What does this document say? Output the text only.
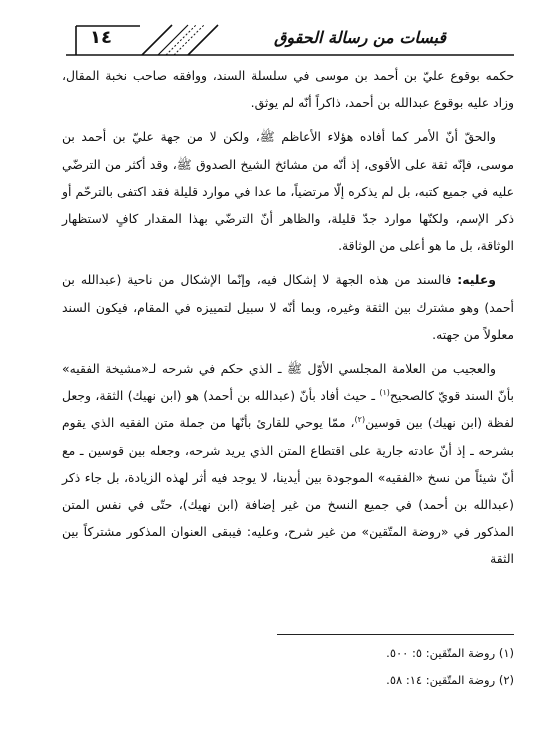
١٤	قبسات من رسالة الحقوق

حكمه بوقوع عليّ بن أحمد بن موسى في سلسلة السند، ووافقه صاحب نخبة المقال، وزاد عليه بوقوع عبدالله بن أحمد، ذاكراً أنّه لم يوثق.

والحقّ أنّ الأمر كما أفاده هؤلاء الأعاظم ﷺ، ولكن لا من جهة عليّ بن أحمد بن موسى، فإنّه ثقة على الأقوى، إذ أنّه من مشائخ الشيخ الصدوق ﷺ، وقد أكثر من الترضّي عليه في جميع كتبه، بل لم يذكره إلّا مرتضياً، ما عدا في موارد قليلة فقد اكتفى بالترحّم أو ذكر الإسم، ولكنّها موارد جدّ قليلة، والظاهر أنّ الترضّي بهذا المقدار كافٍ لاستظهار الوثاقة، بل ما هو أعلى من الوثاقة.

وعليه: فالسند من هذه الجهة لا إشكال فيه، وإنّما الإشكال من ناحية (عبدالله بن أحمد) وهو مشترك بين الثقة وغيره، وبما أنّه لا سبيل لتمييزه في المقام، فيكون السند معلولاً من جهته.

والعجيب من العلامة المجلسي الأوّل ﷺ ـ الذي حكم في شرحه لـ«مشيخة الفقيه» بأنّ السند قويّ كالصحيح$^{(١)}$ ـ حيث أفاد بأنّ (عبدالله بن أحمد) هو (ابن نهيك) الثقة، وجعل لفظة (ابن نهيك) بين قوسين$^{(٢)}$، ممّا يوحي للقارئ بأنّها من جملة متن الفقيه الذي يقوم بشرحه ـ إذ أنّ عادته جارية على اقتطاع المتن الذي يريد شرحه، وجعله بين قوسين ـ مع أنّ شيئاً من نسخ «الفقيه» الموجودة بين أيدينا، لا يوجد فيه أثر لهذه الزيادة، بل جاء ذكر (عبدالله بن أحمد) في جميع النسخ من غير إضافة (ابن نهيك)، حتّى في نفس المتن المذكور في «روضة المتّقين» من غير شرح، وعليه: فيبقى العنوان المذكور مشتركاً بين الثقة

(١) روضة المتّقين: ٥: ٥٠٠.
(٢) روضة المتّقين: ١٤: ٥٨.
